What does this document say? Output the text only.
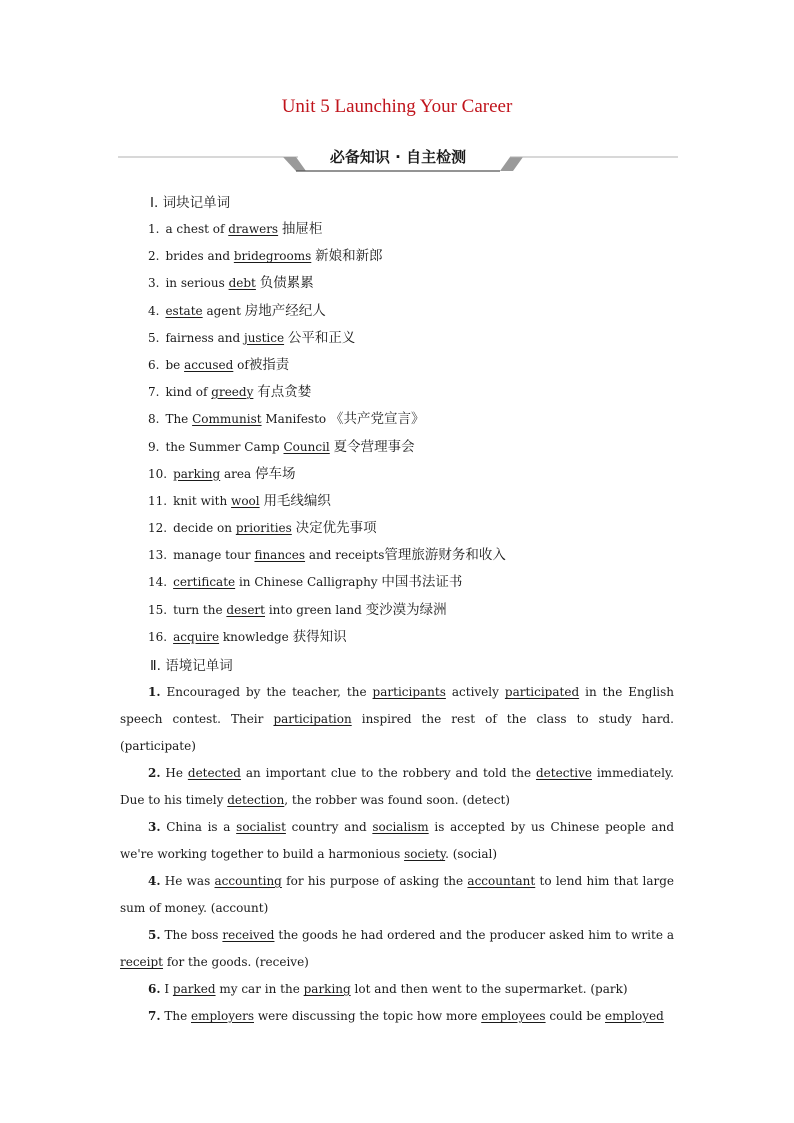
Unit 5 Launching Your Career
必备知识 · 自主检测
Ⅰ. 词块记单词
1. a chest of drawers 抽屉柜
2. brides and bridegrooms 新娘和新郎
3. in serious debt 负债累累
4. estate agent 房地产经纪人
5. fairness and justice 公平和正义
6. be accused of被指责
7. kind of greedy 有点贪婪
8. The Communist Manifesto 《共产党宣言》
9. the Summer Camp Council 夏令营理事会
10. parking area 停车场
11. knit with wool 用毛线编织
12. decide on priorities 决定优先事项
13. manage tour finances and receipts管理旅游财务和收入
14. certificate in Chinese Calligraphy 中国书法证书
15. turn the desert into green land 变沙漠为绿洲
16. acquire knowledge 获得知识
Ⅱ. 语境记单词

1. Encouraged by the teacher, the participants actively participated in the English speech contest. Their participation inspired the rest of the class to study hard. (participate)

2. He detected an important clue to the robbery and told the detective immediately. Due to his timely detection, the robber was found soon. (detect)

3. China is a socialist country and socialism is accepted by us Chinese people and we're working together to build a harmonious society. (social)

4. He was accounting for his purpose of asking the accountant to lend him that large sum of money. (account)

5. The boss received the goods he had ordered and the producer asked him to write a receipt for the goods. (receive)

6. I parked my car in the parking lot and then went to the supermarket. (park)

7. The employers were discussing the topic how more employees could be employed
